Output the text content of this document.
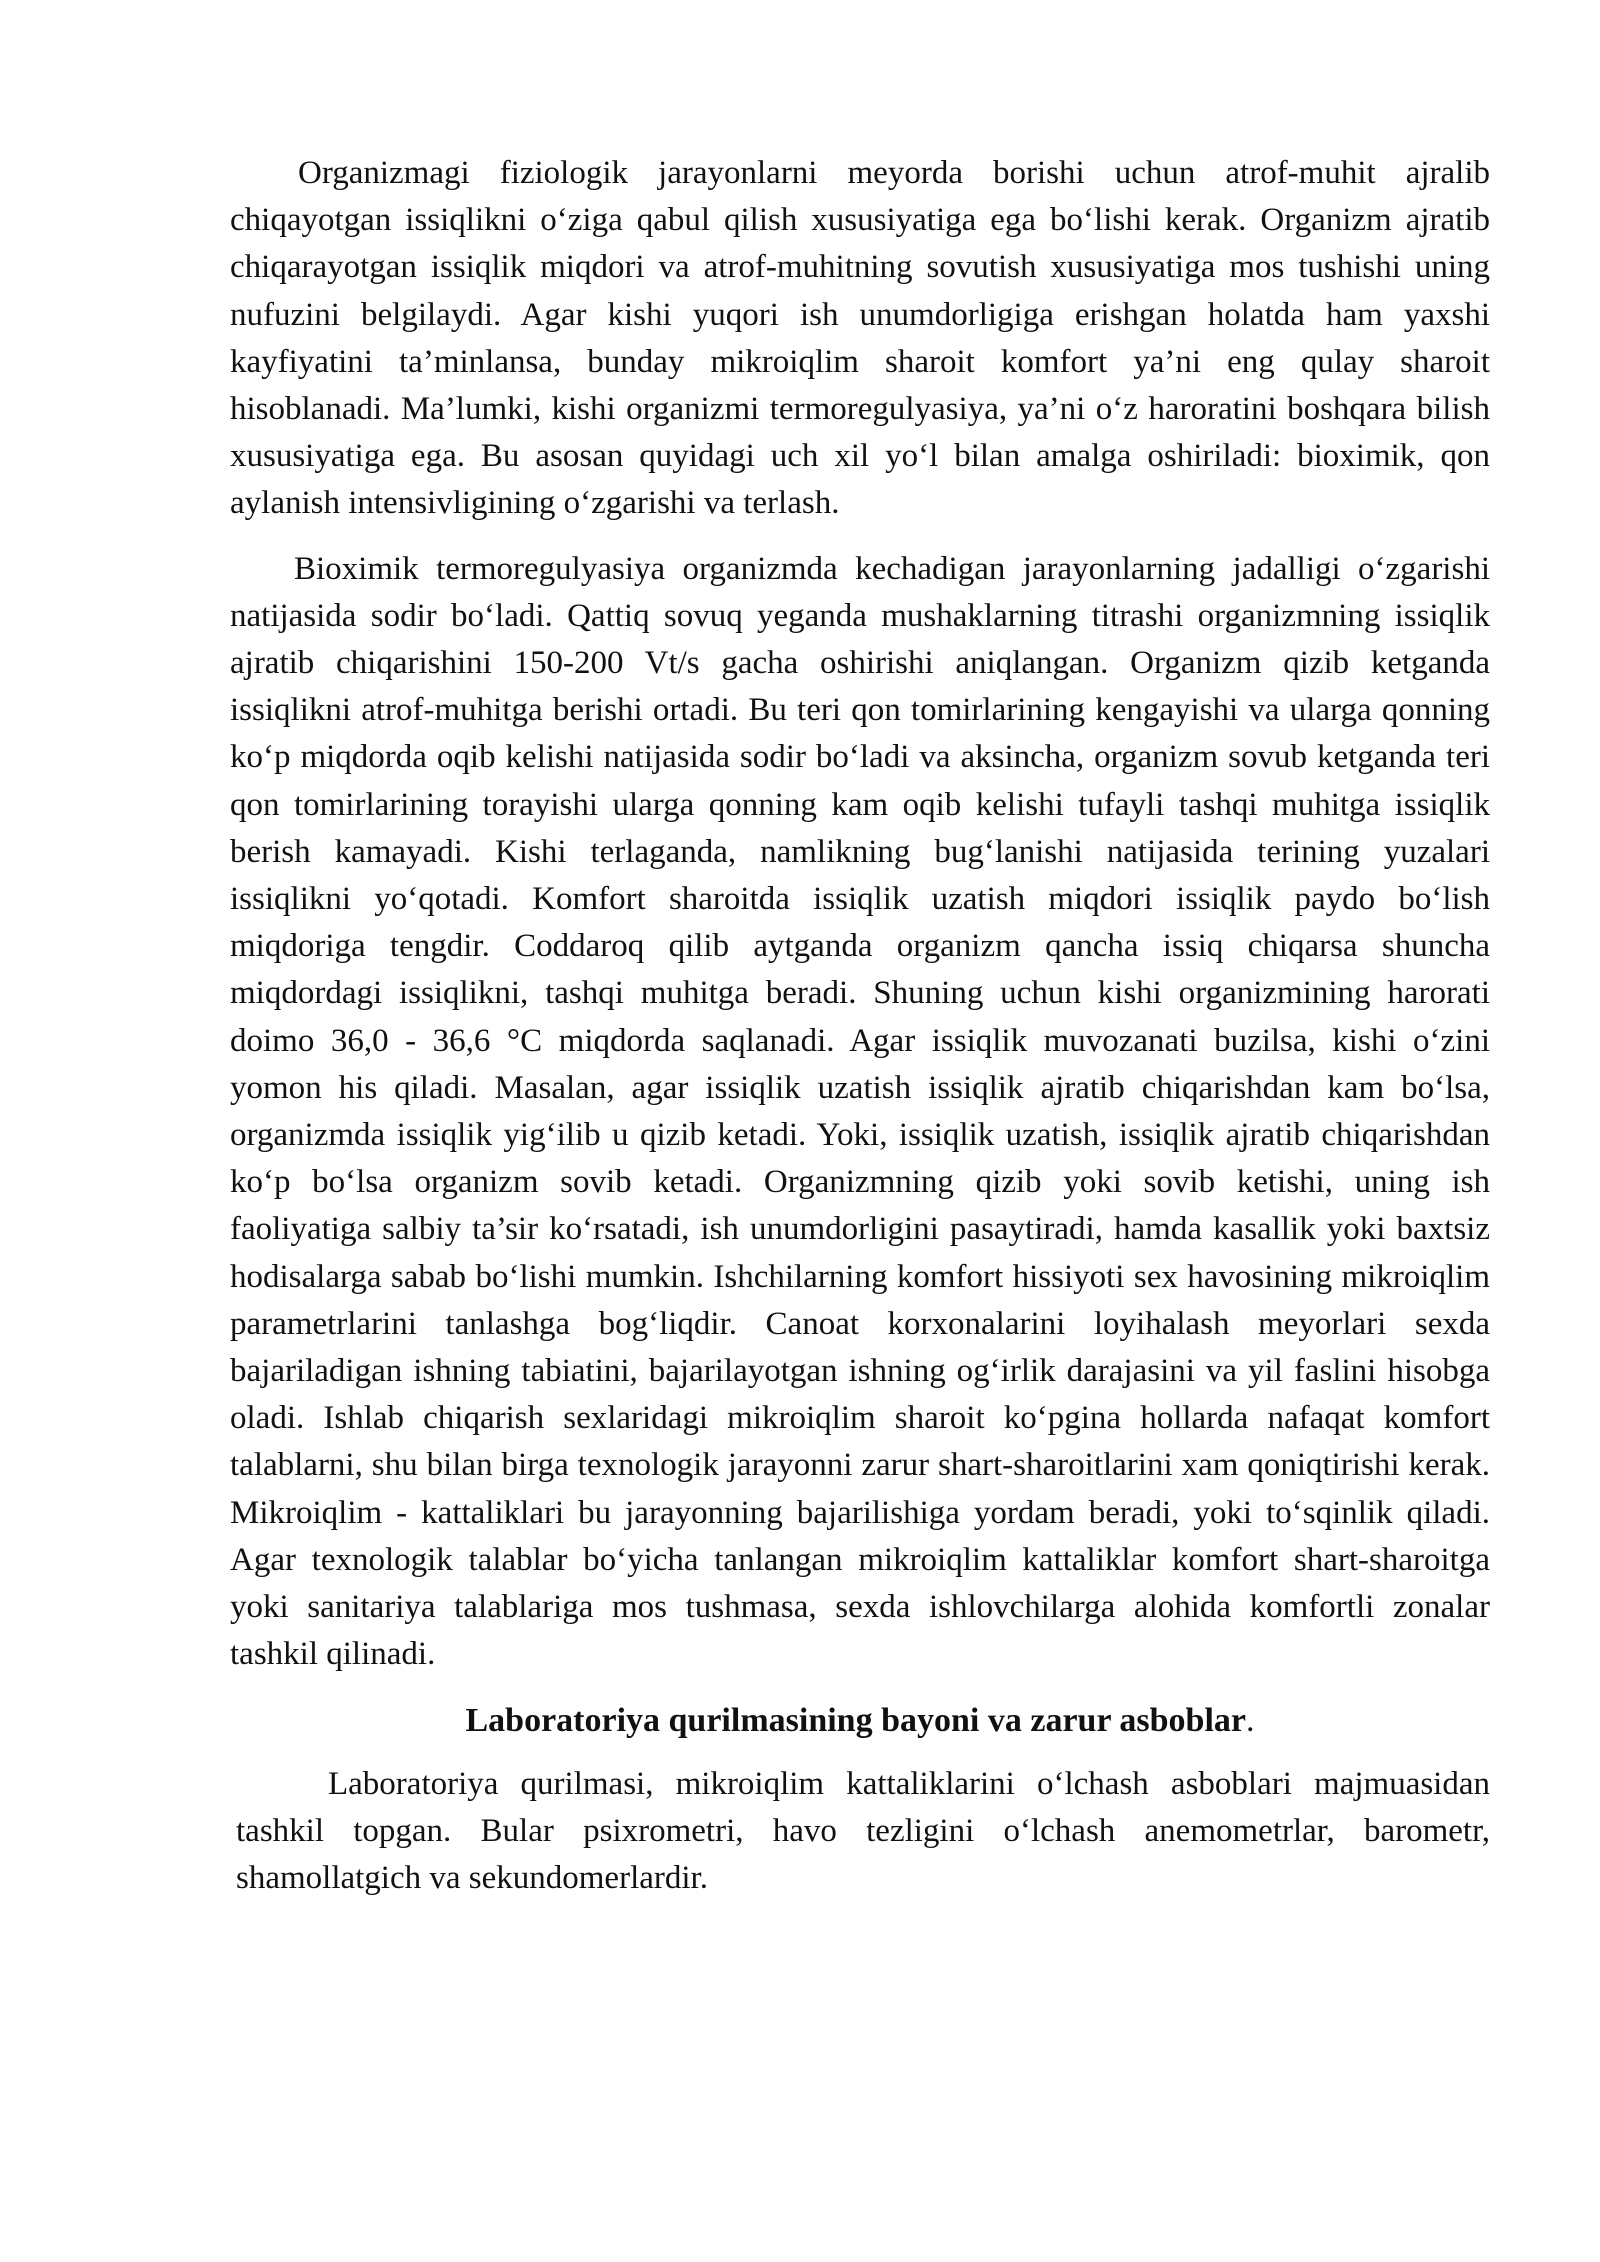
Organizmagi fiziologik jarayonlarni meyorda borishi uchun atrof-muhit ajralib chiqayotgan issiqlikni o‘ziga qabul qilish xususiyatiga ega bo‘lishi kerak. Organizm ajratib chiqarayotgan issiqlik miqdori va atrof-muhitning sovutish xususiyatiga mos tushishi uning nufuzini belgilaydi. Agar kishi yuqori ish unumdorligiga erishgan holatda ham yaxshi kayfiyatini ta’minlansa, bunday mikroiqlim sharoit komfort ya’ni eng qulay sharoit hisoblanadi. Ma’lumki, kishi organizmi termoregulyasiya, ya’ni o‘z haroratini boshqara bilish xususiyatiga ega. Bu asosan quyidagi uch xil yo‘l bilan amalga oshiriladi: bioximik, qon aylanish intensivligining o‘zgarishi va terlash.

Bioximik termoregulyasiya organizmda kechadigan jarayonlarning jadalligi o‘zgarishi natijasida sodir bo‘ladi. Qattiq sovuq yeganda mushaklarning titrashi organizmning issiqlik ajratib chiqarishini 150-200 Vt/s gacha oshirishi aniqlangan. Organizm qizib ketganda issiqlikni atrof-muhitga berishi ortadi. Bu teri qon tomirlarining kengayishi va ularga qonning ko‘p miqdorda oqib kelishi natijasida sodir bo‘ladi va aksincha, organizm sovub ketganda teri qon tomirlarining torayishi ularga qonning kam oqib kelishi tufayli tashqi muhitga issiqlik berish kamayadi. Kishi terlaganda, namlikning bug‘lanishi natijasida terining yuzalari issiqlikni yo‘qotadi. Komfort sharoitda issiqlik uzatish miqdori issiqlik paydo bo‘lish miqdoriga tengdir. Coddaroq qilib aytganda organizm qancha issiq chiqarsa shuncha miqdordagi issiqlikni, tashqi muhitga beradi. Shuning uchun kishi organizmining harorati doimo 36,0 - 36,6 °C miqdorda saqlanadi. Agar issiqlik muvozanati buzilsa, kishi o‘zini yomon his qiladi. Masalan, agar issiqlik uzatish issiqlik ajratib chiqarishdan kam bo‘lsa, organizmda issiqlik yig‘ilib u qizib ketadi. Yoki, issiqlik uzatish, issiqlik ajratib chiqarishdan ko‘p bo‘lsa organizm sovib ketadi. Organizmning qizib yoki sovib ketishi, uning ish faoliyatiga salbiy ta’sir ko‘rsatadi, ish unumdorligini pasaytiradi, hamda kasallik yoki baxtsiz hodisalarga sabab bo‘lishi mumkin. Ishchilarning komfort hissiyoti sex havosining mikroiqlim parametrlarini tanlashga bog‘liqdir. Canoat korxonalarini loyihalash meyorlari sexda bajariladigan ishning tabiatini, bajarilayotgan ishning og‘irlik darajasini va yil faslini hisobga oladi. Ishlab chiqarish sexlaridagi mikroiqlim sharoit ko‘pgina hollarda nafaqat komfort talablarni, shu bilan birga texnologik jarayonni zarur shart-sharoitlarini xam qoniqtirishi kerak. Mikroiqlim - kattaliklari bu jarayonning bajarilishiga yordam beradi, yoki to‘sqinlik qiladi. Agar texnologik talablar bo‘yicha tanlangan mikroiqlim kattaliklar komfort shart-sharoitga yoki sanitariya talablariga mos tushmasa, sexda ishlovchilarga alohida komfortli zonalar tashkil qilinadi.

Laboratoriya qurilmasining bayoni va zarur asboblar.

Laboratoriya qurilmasi, mikroiqlim kattaliklarini o‘lchash asboblari majmuasidan tashkil topgan. Bular psixrometri, havo tezligini o‘lchash anemometrlar, barometr, shamollatgich va sekundomerlardir.
